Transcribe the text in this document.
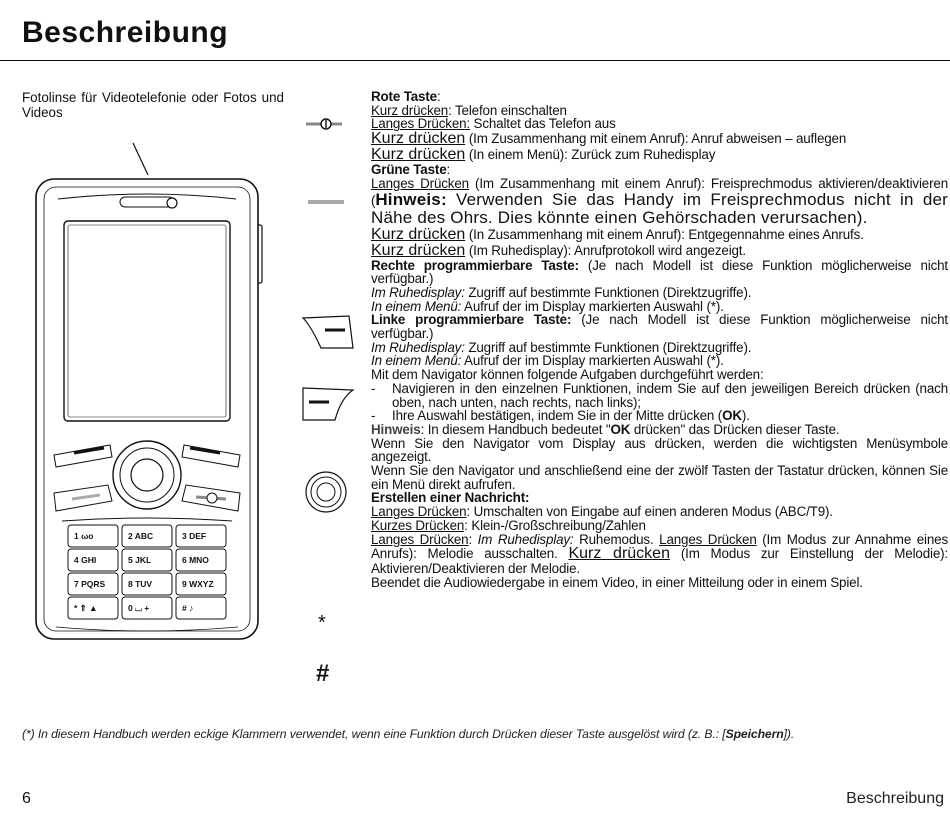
Beschreibung
Fotolinse für Videotelefonie oder Fotos und Videos
1 ωo	2 ABC	3 DEF
4 GHI	5 JKL	6 MNO
7 PQRS	8 TUV	9 WXYZ
* ⇑ ▲	0 ⌴ +	# ♪
*
#

Rote Taste:

Kurz drücken: Telefon einschalten

Langes Drücken: Schaltet das Telefon aus

Kurz drücken (Im Zusammenhang mit einem Anruf): Anruf abweisen – auflegen

Kurz drücken (In einem Menü): Zurück zum Ruhedisplay

Grüne Taste:

Langes Drücken (Im Zusammenhang mit einem Anruf): Freisprechmodus aktivieren/deaktivieren (Hinweis: Verwenden Sie das Handy im Freisprechmodus nicht in der Nähe des Ohrs. Dies könnte einen Gehörschaden verursachen).

Kurz drücken (In Zusammenhang mit einem Anruf): Entgegennahme eines Anrufs.

Kurz drücken (Im Ruhedisplay): Anrufprotokoll wird angezeigt.

Rechte programmierbare Taste: (Je nach Modell ist diese Funktion möglicherweise nicht verfügbar.)

Im Ruhedisplay: Zugriff auf bestimmte Funktionen (Direktzugriffe).

In einem Menü: Aufruf der im Display markierten Auswahl (*).

Linke programmierbare Taste: (Je nach Modell ist diese Funktion möglicherweise nicht verfügbar.)

Im Ruhedisplay: Zugriff auf bestimmte Funktionen (Direktzugriffe).

In einem Menü: Aufruf der im Display markierten Auswahl (*).

Mit dem Navigator können folgende Aufgaben durchgeführt werden:

- Navigieren in den einzelnen Funktionen, indem Sie auf den jeweiligen Bereich drücken (nach oben, nach unten, nach rechts, nach links);

- Ihre Auswahl bestätigen, indem Sie in der Mitte drücken (OK).

Hinweis: In diesem Handbuch bedeutet "OK drücken" das Drücken dieser Taste.

Wenn Sie den Navigator vom Display aus drücken, werden die wichtigsten Menüsymbole angezeigt.

Wenn Sie den Navigator und anschließend eine der zwölf Tasten der Tastatur drücken, können Sie ein Menü direkt aufrufen.

Erstellen einer Nachricht:

Langes Drücken: Umschalten von Eingabe auf einen anderen Modus (ABC/T9).

Kurzes Drücken: Klein-/Großschreibung/Zahlen

Langes Drücken: Im Ruhedisplay: Ruhemodus. Langes Drücken (Im Modus zur Annahme eines Anrufs): Melodie ausschalten. Kurz drücken (Im Modus zur Einstellung der Melodie): Aktivieren/Deaktivieren der Melodie.

Beendet die Audiowiedergabe in einem Video, in einer Mitteilung oder in einem Spiel.

(*) In diesem Handbuch werden eckige Klammern verwendet, wenn eine Funktion durch Drücken dieser Taste ausgelöst wird (z. B.: [Speichern]).
6	Beschreibung
